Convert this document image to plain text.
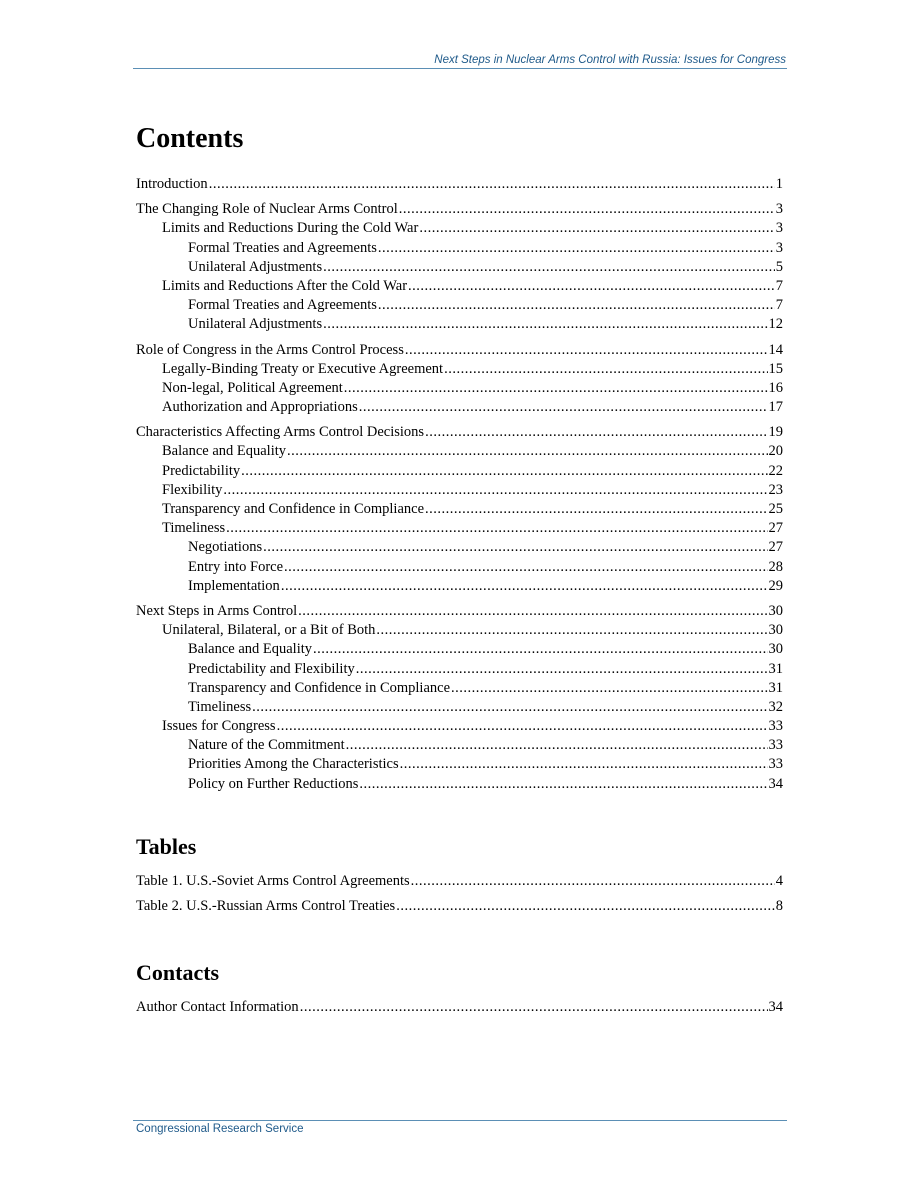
Next Steps in Nuclear Arms Control with Russia: Issues for Congress
Contents
Introduction .....	1
The Changing Role of Nuclear Arms Control .....	3
Limits and Reductions During the Cold War .....	3
Formal Treaties and Agreements .....	3
Unilateral Adjustments .....	5
Limits and Reductions After the Cold War .....	7
Formal Treaties and Agreements .....	7
Unilateral Adjustments .....	12
Role of Congress in the Arms Control Process .....	14
Legally-Binding Treaty or Executive Agreement .....	15
Non-legal, Political Agreement .....	16
Authorization and Appropriations .....	17
Characteristics Affecting Arms Control Decisions .....	19
Balance and Equality .....	20
Predictability .....	22
Flexibility .....	23
Transparency and Confidence in Compliance .....	25
Timeliness .....	27
Negotiations .....	27
Entry into Force .....	28
Implementation .....	29
Next Steps in Arms Control .....	30
Unilateral, Bilateral, or a Bit of Both .....	30
Balance and Equality .....	30
Predictability and Flexibility .....	31
Transparency and Confidence in Compliance .....	31
Timeliness .....	32
Issues for Congress .....	33
Nature of the Commitment .....	33
Priorities Among the Characteristics .....	33
Policy on Further Reductions .....	34
Tables
Table 1. U.S.-Soviet Arms Control Agreements .....	4
Table 2. U.S.-Russian Arms Control Treaties .....	8
Contacts
Author Contact Information .....	34
Congressional Research Service
